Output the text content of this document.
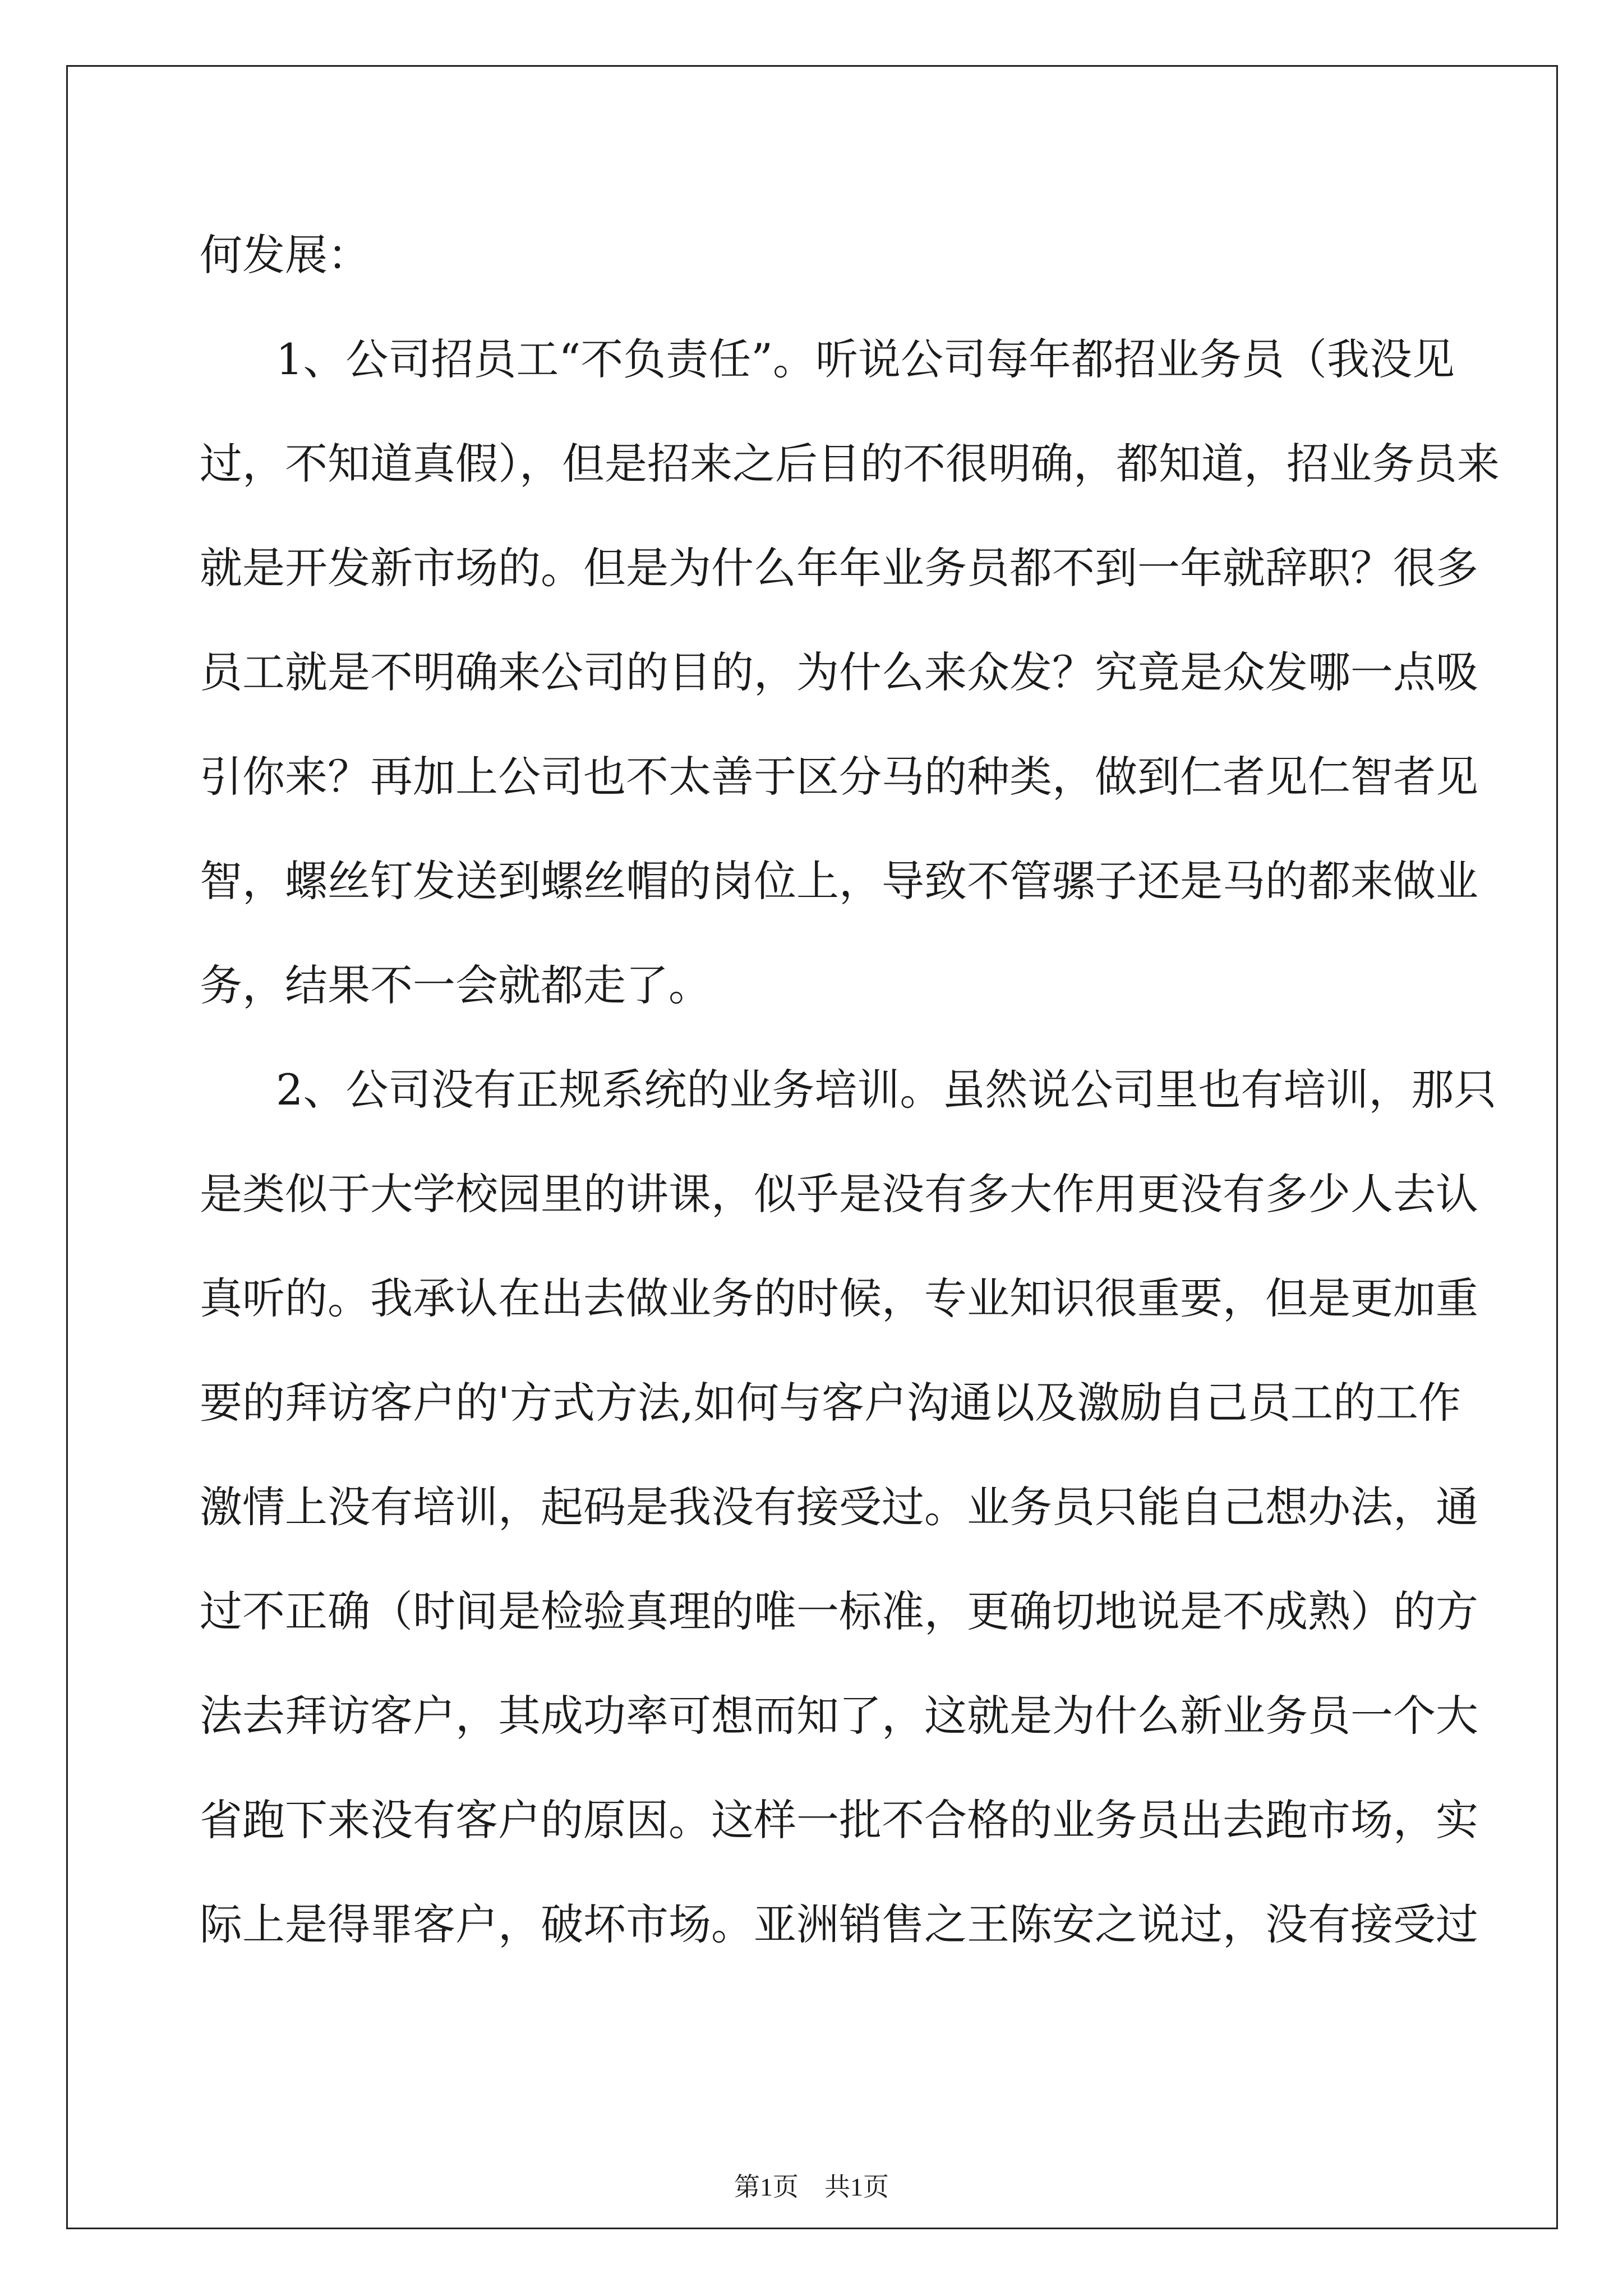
何发展：
1、公司招员工“不负责任”。听说公司每年都招业务员（我没见
过，不知道真假），但是招来之后目的不很明确，都知道，招业务员来
就是开发新市场的。但是为什么年年业务员都不到一年就辞职？很多
员工就是不明确来公司的目的，为什么来众发？究竟是众发哪一点吸
引你来？再加上公司也不太善于区分马的种类，做到仁者见仁智者见
智，螺丝钉发送到螺丝帽的岗位上，导致不管骡子还是马的都来做业
务，结果不一会就都走了。
2、公司没有正规系统的业务培训。虽然说公司里也有培训，那只
是类似于大学校园里的讲课，似乎是没有多大作用更没有多少人去认
真听的。我承认在出去做业务的时候，专业知识很重要，但是更加重
要的拜访客户的'方式方法,如何与客户沟通以及激励自己员工的工作
激情上没有培训，起码是我没有接受过。业务员只能自己想办法，通
过不正确（时间是检验真理的唯一标准，更确切地说是不成熟）的方
法去拜访客户，其成功率可想而知了，这就是为什么新业务员一个大
省跑下来没有客户的原因。这样一批不合格的业务员出去跑市场，实
际上是得罪客户，破坏市场。亚洲销售之王陈安之说过，没有接受过
第1页　共1页
